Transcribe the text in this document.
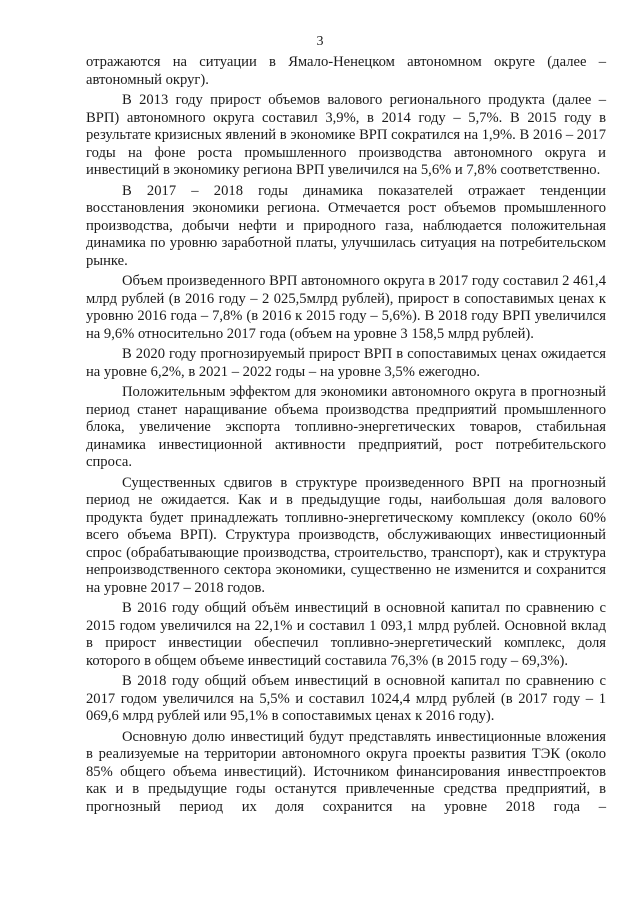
3

отражаются на ситуации в Ямало-Ненецком автономном округе (далее – автономный округ).

В 2013 году прирост объемов валового регионального продукта (далее – ВРП) автономного округа составил 3,9%, в 2014 году – 5,7%. В 2015 году в результате кризисных явлений в экономике ВРП сократился на 1,9%. В 2016 – 2017 годы на фоне роста промышленного производства автономного округа и инвестиций в экономику региона ВРП увеличился на 5,6% и 7,8% соответственно.

В 2017 – 2018 годы динамика показателей отражает тенденции восстановления экономики региона. Отмечается рост объемов промышленного производства, добычи нефти и природного газа, наблюдается положительная динамика по уровню заработной платы, улучшилась ситуация на потребительском рынке.

Объем произведенного ВРП автономного округа в 2017 году составил 2 461,4 млрд рублей (в 2016 году – 2 025,5млрд рублей), прирост в сопоставимых ценах к уровню 2016 года – 7,8% (в 2016 к 2015 году – 5,6%). В 2018 году ВРП увеличился на 9,6% относительно 2017 года (объем на уровне 3 158,5 млрд рублей).

В 2020 году прогнозируемый прирост ВРП в сопоставимых ценах ожидается на уровне 6,2%, в 2021 – 2022 годы – на уровне 3,5% ежегодно.

Положительным эффектом для экономики автономного округа в прогнозный период станет наращивание объема производства предприятий промышленного блока, увеличение экспорта топливно-энергетических товаров, стабильная динамика инвестиционной активности предприятий, рост потребительского спроса.

Существенных сдвигов в структуре произведенного ВРП на прогнозный период не ожидается. Как и в предыдущие годы, наибольшая доля валового продукта будет принадлежать топливно-энергетическому комплексу (около 60% всего объема ВРП). Структура производств, обслуживающих инвестиционный спрос (обрабатывающие производства, строительство, транспорт), как и структура непроизводственного сектора экономики, существенно не изменится и сохранится на уровне 2017 – 2018 годов.

В 2016 году общий объём инвестиций в основной капитал по сравнению с 2015 годом увеличился на 22,1% и составил 1 093,1 млрд рублей. Основной вклад в прирост инвестиции обеспечил топливно-энергетический комплекс, доля которого в общем объеме инвестиций составила 76,3% (в 2015 году – 69,3%).

В 2018 году общий объем инвестиций в основной капитал по сравнению с 2017 годом увеличился на 5,5% и составил 1024,4 млрд рублей (в 2017 году – 1 069,6 млрд рублей или 95,1% в сопоставимых ценах к 2016 году).

Основную долю инвестиций будут представлять инвестиционные вложения в реализуемые на территории автономного округа проекты развития ТЭК (около 85% общего объема инвестиций). Источником финансирования инвестпроектов как и в предыдущие годы останутся привлеченные средства предприятий, в прогнозный период их доля сохранится на уровне 2018 года –
